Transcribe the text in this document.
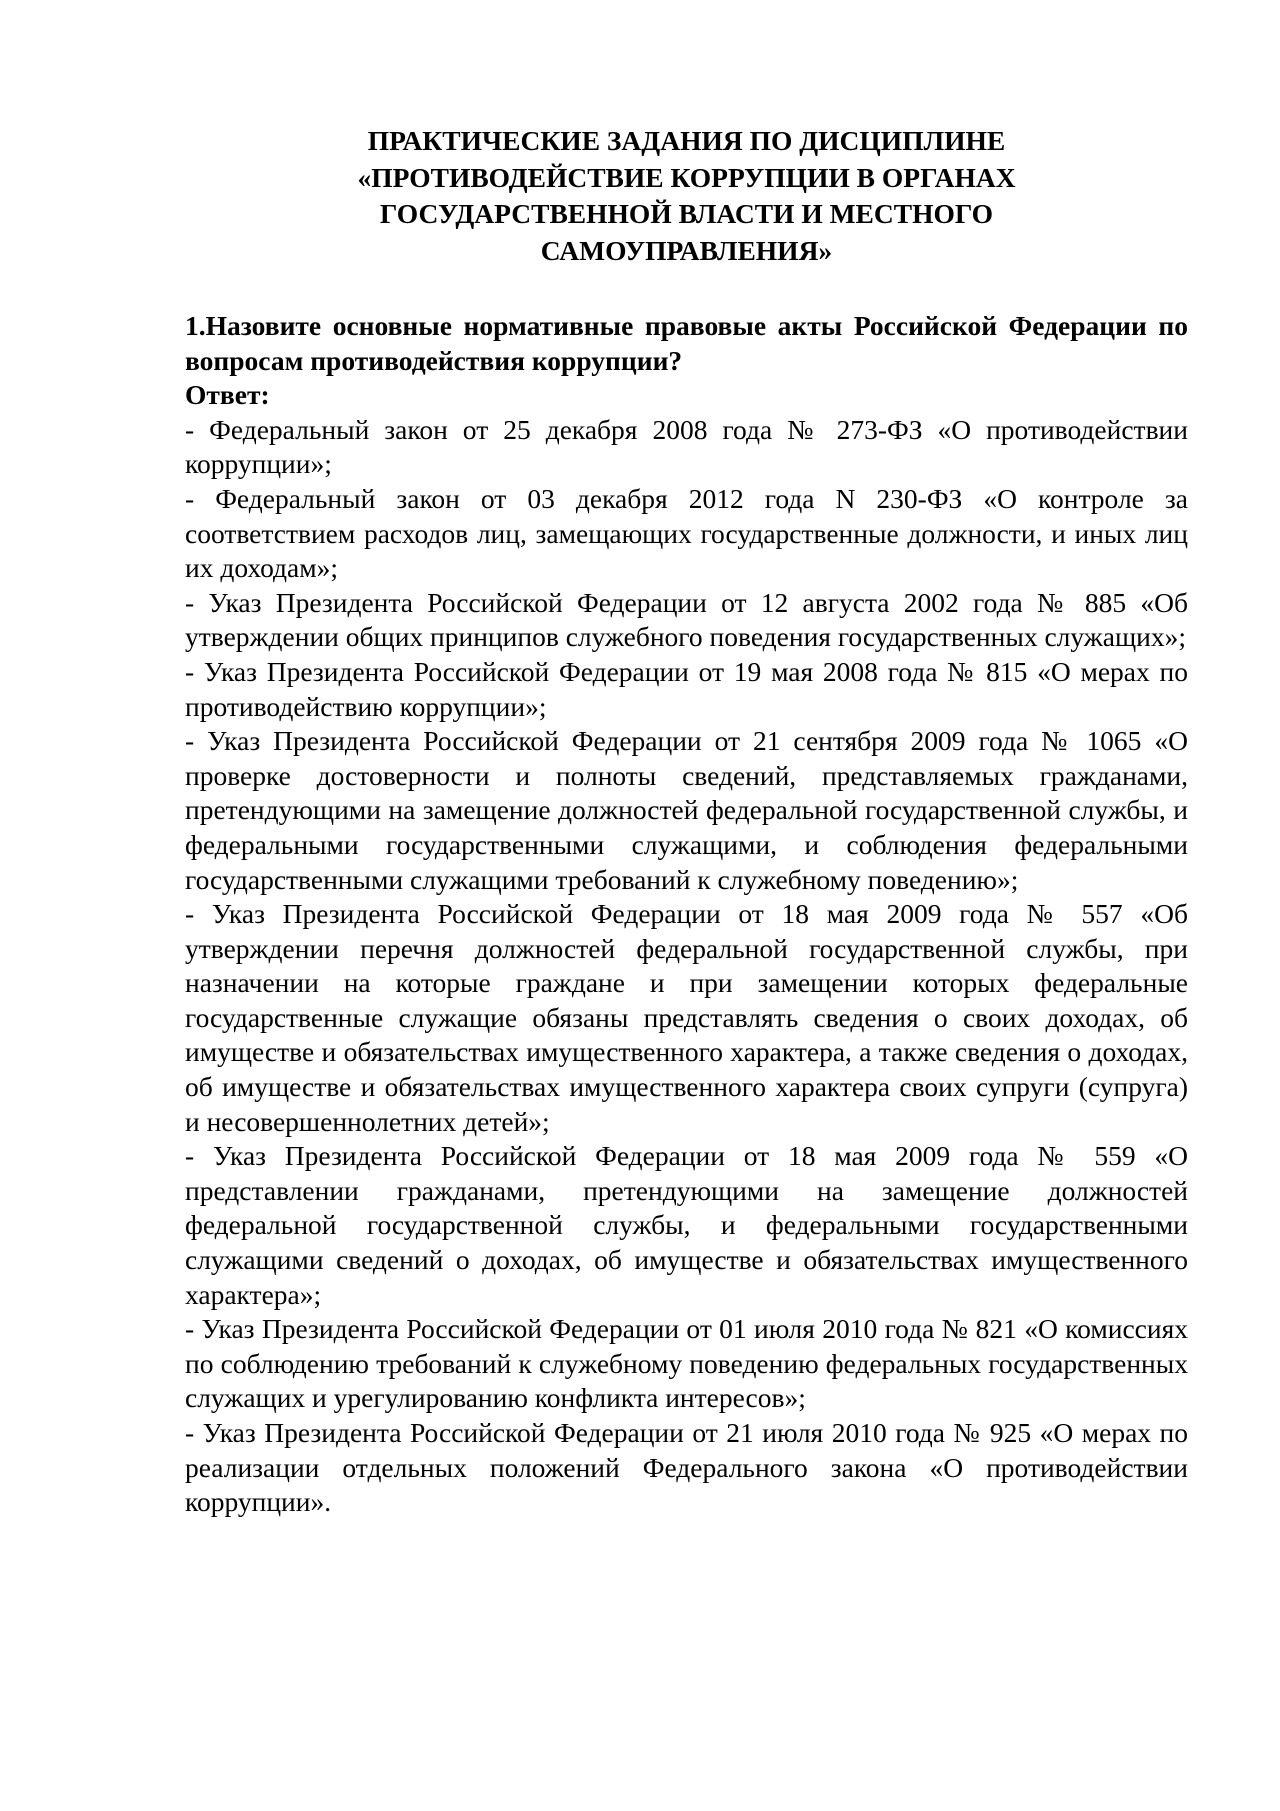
ПРАКТИЧЕСКИЕ ЗАДАНИЯ ПО ДИСЦИПЛИНЕ
«ПРОТИВОДЕЙСТВИЕ КОРРУПЦИИ В ОРГАНАХ
ГОСУДАРСТВЕННОЙ ВЛАСТИ И МЕСТНОГО
САМОУПРАВЛЕНИЯ»

1.Назовите основные нормативные правовые акты Российской Федерации по вопросам противодействия коррупции?

Ответ:

- Федеральный закон от 25 декабря 2008 года № 273-ФЗ «О противодействии коррупции»;

- Федеральный закон от 03 декабря 2012 года N 230-ФЗ «О контроле за соответствием расходов лиц, замещающих государственные должности, и иных лиц их доходам»;

- Указ Президента Российской Федерации от 12 августа 2002 года № 885 «Об утверждении общих принципов служебного поведения государственных служащих»;

- Указ Президента Российской Федерации от 19 мая 2008 года № 815 «О мерах по противодействию коррупции»;

- Указ Президента Российской Федерации от 21 сентября 2009 года № 1065 «О проверке достоверности и полноты сведений, представляемых гражданами, претендующими на замещение должностей федеральной государственной службы, и федеральными государственными служащими, и соблюдения федеральными государственными служащими требований к служебному поведению»;

- Указ Президента Российской Федерации от 18 мая 2009 года № 557 «Об утверждении перечня должностей федеральной государственной службы, при назначении на которые граждане и при замещении которых федеральные государственные служащие обязаны представлять сведения о своих доходах, об имуществе и обязательствах имущественного характера, а также сведения о доходах, об имуществе и обязательствах имущественного характера своих супруги (супруга) и несовершеннолетних детей»;

- Указ Президента Российской Федерации от 18 мая 2009 года № 559 «О представлении гражданами, претендующими на замещение должностей федеральной государственной службы, и федеральными государственными служащими сведений о доходах, об имуществе и обязательствах имущественного характера»;

- Указ Президента Российской Федерации от 01 июля 2010 года № 821 «О комиссиях по соблюдению требований к служебному поведению федеральных государственных служащих и урегулированию конфликта интересов»;

- Указ Президента Российской Федерации от 21 июля 2010 года № 925 «О мерах по реализации отдельных положений Федерального закона «О противодействии коррупции».
